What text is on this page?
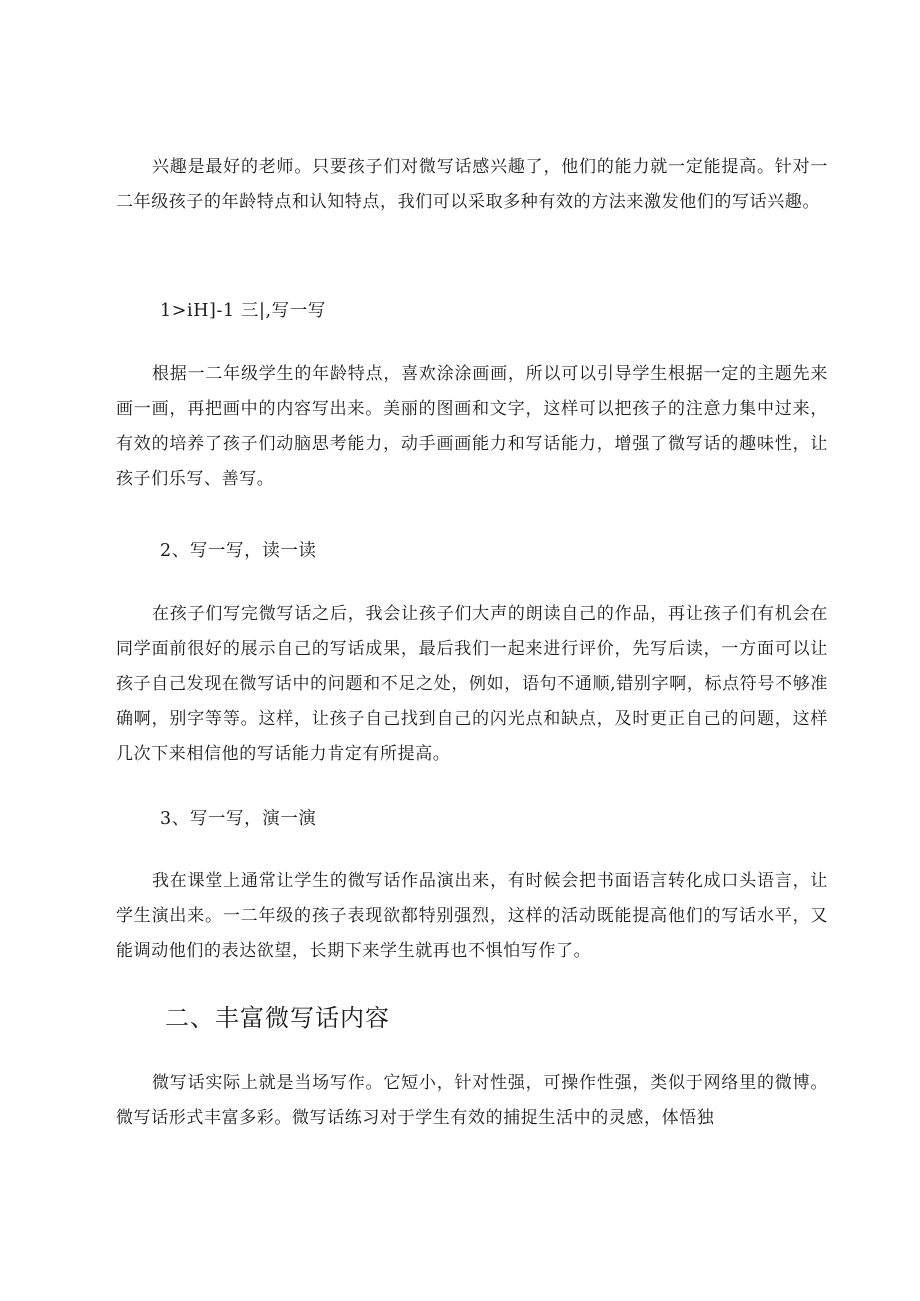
兴趣是最好的老师。只要孩子们对微写话感兴趣了，他们的能力就一定能提高。针对一二年级孩子的年龄特点和认知特点，我们可以采取多种有效的方法来激发他们的写话兴趣。

1>iH]-1 三|,写一写

根据一二年级学生的年龄特点，喜欢涂涂画画，所以可以引导学生根据一定的主题先来画一画，再把画中的内容写出来。美丽的图画和文字，这样可以把孩子的注意力集中过来，有效的培养了孩子们动脑思考能力，动手画画能力和写话能力，增强了微写话的趣味性，让孩子们乐写、善写。

2、写一写，读一读

在孩子们写完微写话之后，我会让孩子们大声的朗读自己的作品，再让孩子们有机会在同学面前很好的展示自己的写话成果，最后我们一起来进行评价，先写后读，一方面可以让孩子自己发现在微写话中的问题和不足之处，例如，语句不通顺,错别字啊，标点符号不够准确啊，别字等等。这样，让孩子自己找到自己的闪光点和缺点，及时更正自己的问题，这样几次下来相信他的写话能力肯定有所提高。

3、写一写，演一演

我在课堂上通常让学生的微写话作品演出来，有时候会把书面语言转化成口头语言，让学生演出来。一二年级的孩子表现欲都特别强烈，这样的活动既能提高他们的写话水平，又能调动他们的表达欲望，长期下来学生就再也不惧怕写作了。

二、丰富微写话内容

微写话实际上就是当场写作。它短小，针对性强，可操作性强，类似于网络里的微博。微写话形式丰富多彩。微写话练习对于学生有效的捕捉生活中的灵感，体悟独
